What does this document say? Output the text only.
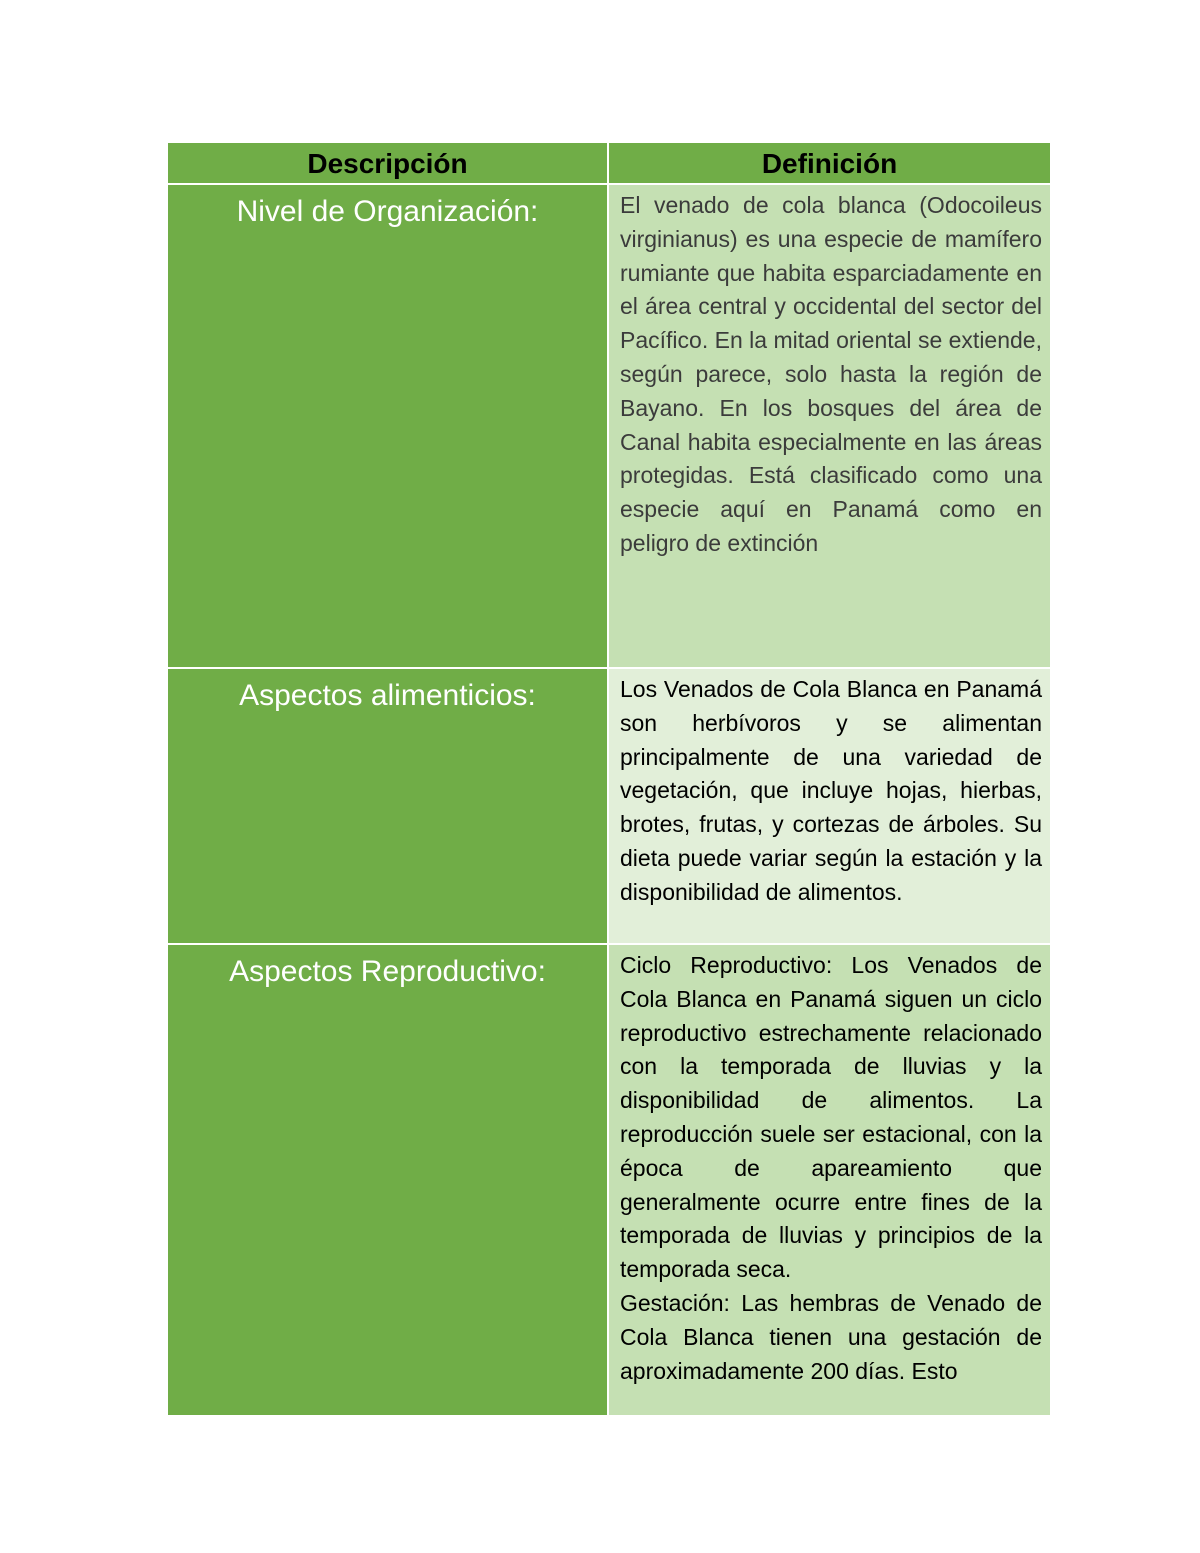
Descripción	Definición
Nivel de Organización:	El venado de cola blanca (Odocoileus virginianus) es una especie de mamífero rumiante que habita esparciadamente en el área central y occidental del sector del Pacífico. En la mitad oriental se extiende, según parece, solo hasta la región de Bayano. En los bosques del área de Canal habita especialmente en las áreas protegidas. Está clasificado como una especie aquí en Panamá como en peligro de extinción

Aspectos alimenticios:	Los Venados de Cola Blanca en Panamá son herbívoros y se alimentan principalmente de una variedad de vegetación, que incluye hojas, hierbas, brotes, frutas, y cortezas de árboles. Su dieta puede variar según la estación y la disponibilidad de alimentos.

Aspectos Reproductivo:	Ciclo Reproductivo: Los Venados de Cola Blanca en Panamá siguen un ciclo reproductivo estrechamente relacionado con la temporada de lluvias y la disponibilidad de alimentos. La reproducción suele ser estacional, con la época de apareamiento que generalmente ocurre entre fines de la temporada de lluvias y principios de la temporada seca.
Gestación: Las hembras de Venado de Cola Blanca tienen una gestación de aproximadamente 200 días. Esto
